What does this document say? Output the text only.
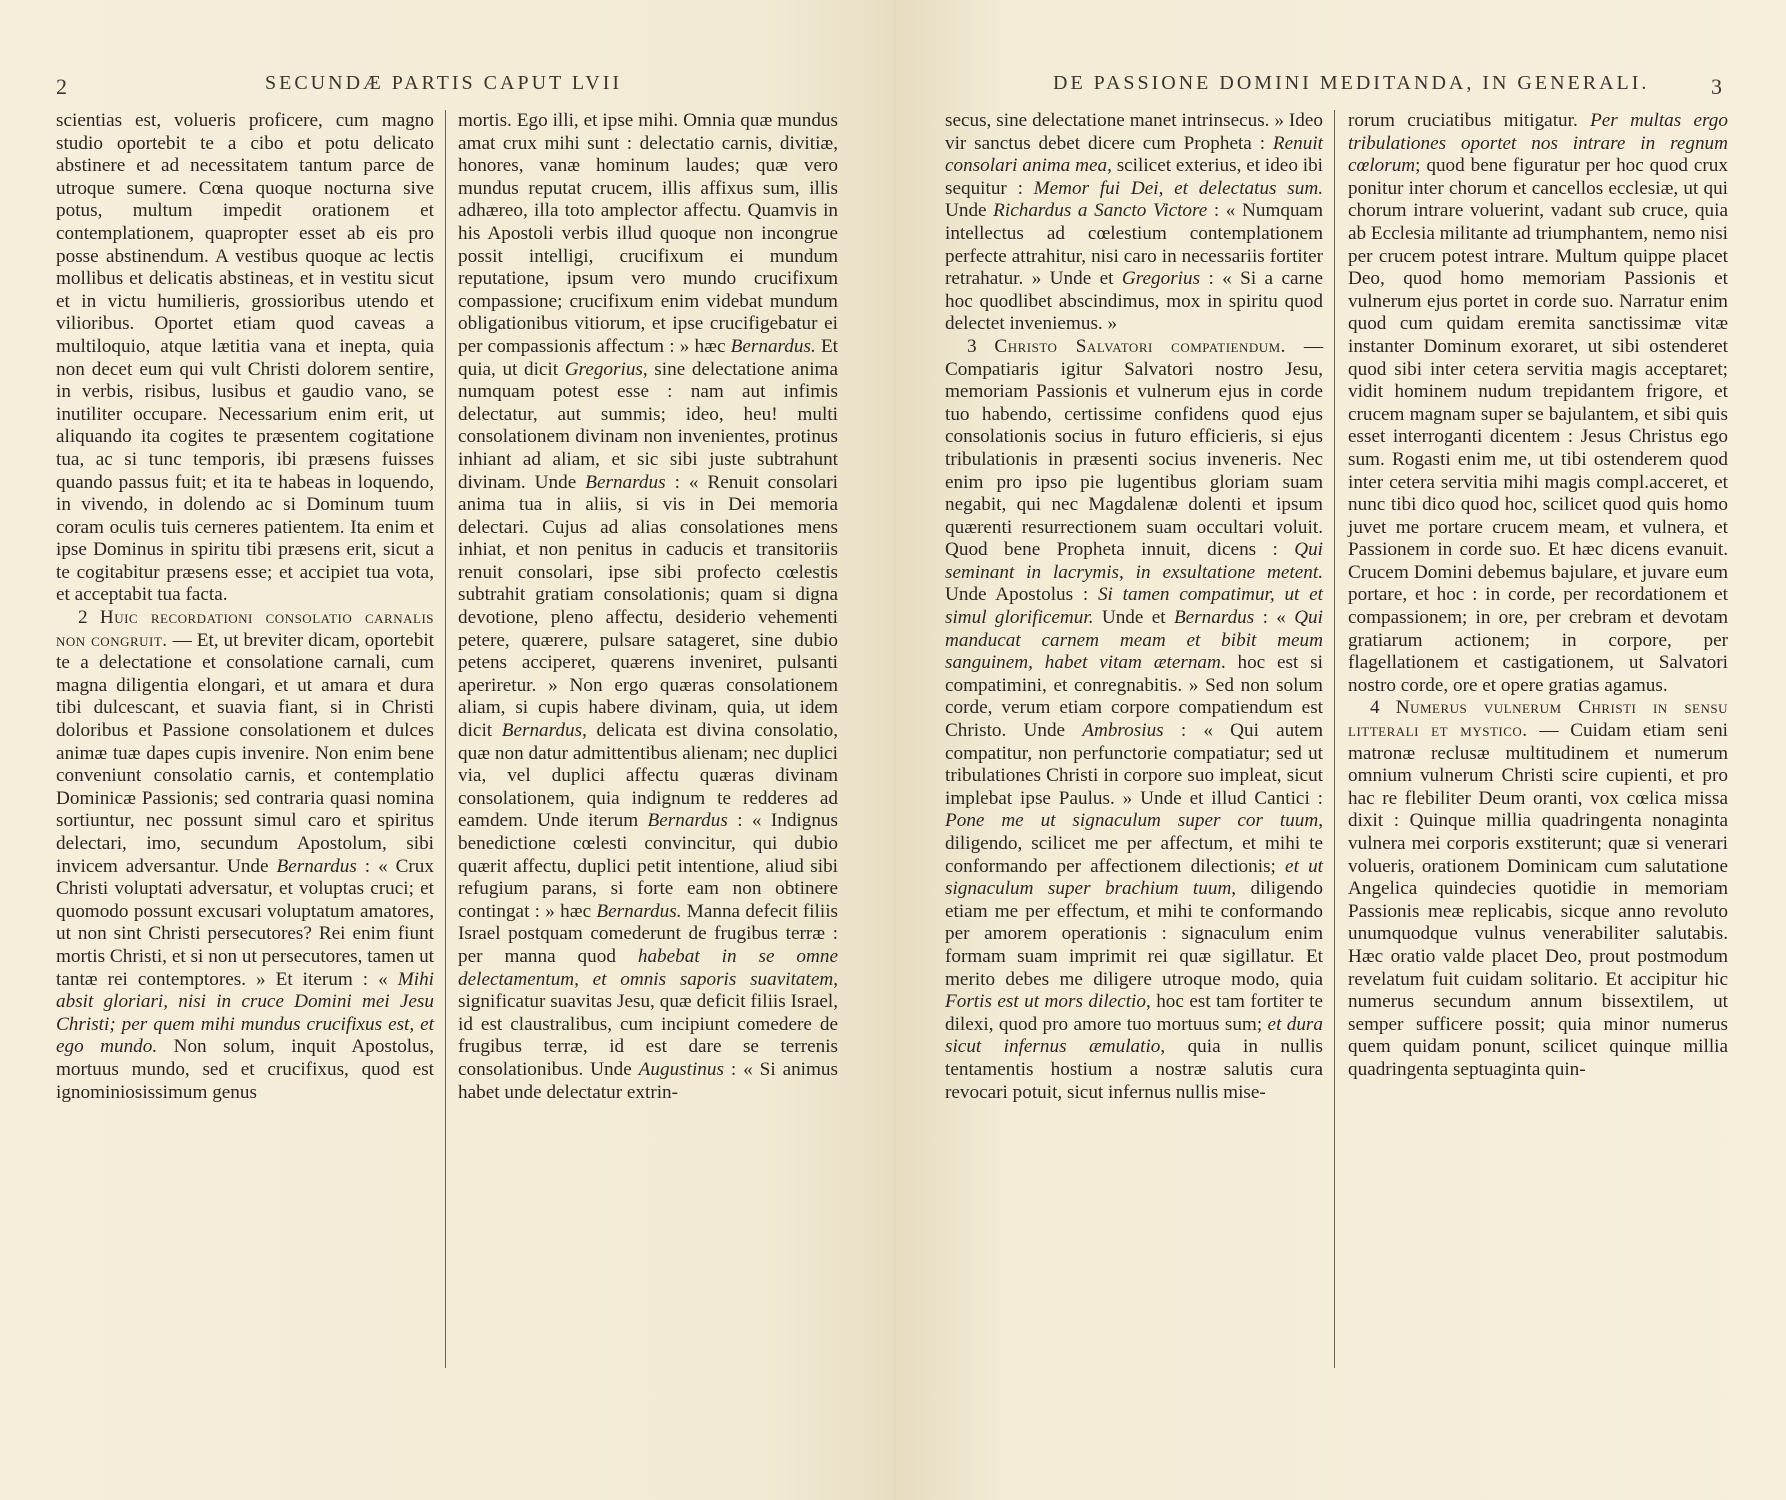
2	SECUNDÆ PARTIS CAPUT LVII

scientias est, volueris proficere, cum magno studio oportebit te a cibo et potu delicato abstinere et ad necessitatem tantum parce de utroque sumere. Cœna quoque nocturna sive potus, multum impedit orationem et contemplationem, quapropter esset ab eis pro posse abstinendum. A vestibus quoque ac lectis mollibus et delicatis abstineas, et in vestitu sicut et in victu humilieris, grossioribus utendo et vilioribus. Oportet etiam quod caveas a multiloquio, atque lætitia vana et inepta, quia non decet eum qui vult Christi dolorem sentire, in verbis, risibus, lusibus et gaudio vano, se inutiliter occupare. Necessarium enim erit, ut aliquando ita cogites te præsentem cogitatione tua, ac si tunc temporis, ibi præsens fuisses quando passus fuit; et ita te habeas in loquendo, in vivendo, in dolendo ac si Dominum tuum coram oculis tuis cerneres patientem. Ita enim et ipse Dominus in spiritu tibi præsens erit, sicut a te cogitabitur præsens esse; et accipiet tua vota, et acceptabit tua facta.

2 Huic recordationi consolatio carnalis non congruit. — Et, ut breviter dicam, oportebit te a delectatione et consolatione carnali, cum magna diligentia elongari, et ut amara et dura tibi dulcescant, et suavia fiant, si in Christi doloribus et Passione consolationem et dulces animæ tuæ dapes cupis invenire. Non enim bene conveniunt consolatio carnis, et contemplatio Dominicæ Passionis; sed contraria quasi nomina sortiuntur, nec possunt simul caro et spiritus delectari, imo, secundum Apostolum, sibi invicem adversantur. Unde Bernardus : « Crux Christi voluptati adversatur, et voluptas cruci; et quomodo possunt excusari voluptatum amatores, ut non sint Christi persecutores? Rei enim fiunt mortis Christi, et si non ut persecutores, tamen ut tantæ rei contemptores. » Et iterum : « Mihi absit gloriari, nisi in cruce Domini mei Jesu Christi; per quem mihi mundus crucifixus est, et ego mundo. Non solum, inquit Apostolus, mortuus mundo, sed et crucifixus, quod est ignominiosissimum genus

mortis. Ego illi, et ipse mihi. Omnia quæ mundus amat crux mihi sunt : delectatio carnis, divitiæ, honores, vanæ hominum laudes; quæ vero mundus reputat crucem, illis affixus sum, illis adhæreo, illa toto amplector affectu. Quamvis in his Apostoli verbis illud quoque non incongrue possit intelligi, crucifixum ei mundum reputatione, ipsum vero mundo crucifixum compassione; crucifixum enim videbat mundum obligationibus vitiorum, et ipse crucifigebatur ei per compassionis affectum : » hæc Bernardus. Et quia, ut dicit Gregorius, sine delectatione anima numquam potest esse : nam aut infimis delectatur, aut summis; ideo, heu! multi consolationem divinam non invenientes, protinus inhiant ad aliam, et sic sibi juste subtrahunt divinam. Unde Bernardus : « Renuit consolari anima tua in aliis, si vis in Dei memoria delectari. Cujus ad alias consolationes mens inhiat, et non penitus in caducis et transitoriis renuit consolari, ipse sibi profecto cœlestis subtrahit gratiam consolationis; quam si digna devotione, pleno affectu, desiderio vehementi petere, quærere, pulsare satageret, sine dubio petens acciperet, quærens inveniret, pulsanti aperiretur. » Non ergo quæras consolationem aliam, si cupis habere divinam, quia, ut idem dicit Bernardus, delicata est divina consolatio, quæ non datur admittentibus alienam; nec duplici via, vel duplici affectu quæras divinam consolationem, quia indignum te redderes ad eamdem. Unde iterum Bernardus : « Indignus benedictione cœlesti convincitur, qui dubio quærit affectu, duplici petit intentione, aliud sibi refugium parans, si forte eam non obtinere contingat : » hæc Bernardus. Manna defecit filiis Israel postquam comederunt de frugibus terræ : per manna quod habebat in se omne delectamentum, et omnis saporis suavitatem, significatur suavitas Jesu, quæ deficit filiis Israel, id est claustralibus, cum incipiunt comedere de frugibus terræ, id est dare se terrenis consolationibus. Unde Augustinus : « Si animus habet unde delectatur extrin-

DE PASSIONE DOMINI MEDITANDA, IN GENERALI.	3

secus, sine delectatione manet intrinsecus. » Ideo vir sanctus debet dicere cum Propheta : Renuit consolari anima mea, scilicet exterius, et ideo ibi sequitur : Memor fui Dei, et delectatus sum. Unde Richardus a Sancto Victore : « Numquam intellectus ad cœlestium contemplationem perfecte attrahitur, nisi caro in necessariis fortiter retrahatur. » Unde et Gregorius : « Si a carne hoc quodlibet abscindimus, mox in spiritu quod delectet inveniemus. »

3 Christo Salvatori compatiendum. — Compatiaris igitur Salvatori nostro Jesu, memoriam Passionis et vulnerum ejus in corde tuo habendo, certissime confidens quod ejus consolationis socius in futuro efficieris, si ejus tribulationis in præsenti socius inveneris. Nec enim pro ipso pie lugentibus gloriam suam negabit, qui nec Magdalenæ dolenti et ipsum quærenti resurrectionem suam occultari voluit. Quod bene Propheta innuit, dicens : Qui seminant in lacrymis, in exsultatione metent. Unde Apostolus : Si tamen compatimur, ut et simul glorificemur. Unde et Bernardus : « Qui manducat carnem meam et bibit meum sanguinem, habet vitam æternam. hoc est si compatimini, et conregnabitis. » Sed non solum corde, verum etiam corpore compatiendum est Christo. Unde Ambrosius : « Qui autem compatitur, non perfunctorie compatiatur; sed ut tribulationes Christi in corpore suo impleat, sicut implebat ipse Paulus. » Unde et illud Cantici : Pone me ut signaculum super cor tuum, diligendo, scilicet me per affectum, et mihi te conformando per affectionem dilectionis; et ut signaculum super brachium tuum, diligendo etiam me per effectum, et mihi te conformando per amorem operationis : signaculum enim formam suam imprimit rei quæ sigillatur. Et merito debes me diligere utroque modo, quia Fortis est ut mors dilectio, hoc est tam fortiter te dilexi, quod pro amore tuo mortuus sum; et dura sicut infernus æmulatio, quia in nullis tentamentis hostium a nostræ salutis cura revocari potuit, sicut infernus nullis mise-

rorum cruciatibus mitigatur. Per multas ergo tribulationes oportet nos intrare in regnum cœlorum; quod bene figuratur per hoc quod crux ponitur inter chorum et cancellos ecclesiæ, ut qui chorum intrare voluerint, vadant sub cruce, quia ab Ecclesia militante ad triumphantem, nemo nisi per crucem potest intrare. Multum quippe placet Deo, quod homo memoriam Passionis et vulnerum ejus portet in corde suo. Narratur enim quod cum quidam eremita sanctissimæ vitæ instanter Dominum exoraret, ut sibi ostenderet quod sibi inter cetera servitia magis acceptaret; vidit hominem nudum trepidantem frigore, et crucem magnam super se bajulantem, et sibi quis esset interroganti dicentem : Jesus Christus ego sum. Rogasti enim me, ut tibi ostenderem quod inter cetera servitia mihi magis compl.acceret, et nunc tibi dico quod hoc, scilicet quod quis homo juvet me portare crucem meam, et vulnera, et Passionem in corde suo. Et hæc dicens evanuit. Crucem Domini debemus bajulare, et juvare eum portare, et hoc : in corde, per recordationem et compassionem; in ore, per crebram et devotam gratiarum actionem; in corpore, per flagellationem et castigationem, ut Salvatori nostro corde, ore et opere gratias agamus.

4 Numerus vulnerum Christi in sensu litterali et mystico. — Cuidam etiam seni matronæ reclusæ multitudinem et numerum omnium vulnerum Christi scire cupienti, et pro hac re flebiliter Deum oranti, vox cœlica missa dixit : Quinque millia quadringenta nonaginta vulnera mei corporis exstiterunt; quæ si venerari volueris, orationem Dominicam cum salutatione Angelica quindecies quotidie in memoriam Passionis meæ replicabis, sicque anno revoluto unumquodque vulnus venerabiliter salutabis. Hæc oratio valde placet Deo, prout postmodum revelatum fuit cuidam solitario. Et accipitur hic numerus secundum annum bissextilem, ut semper sufficere possit; quia minor numerus quem quidam ponunt, scilicet quinque millia quadringenta septuaginta quin-
